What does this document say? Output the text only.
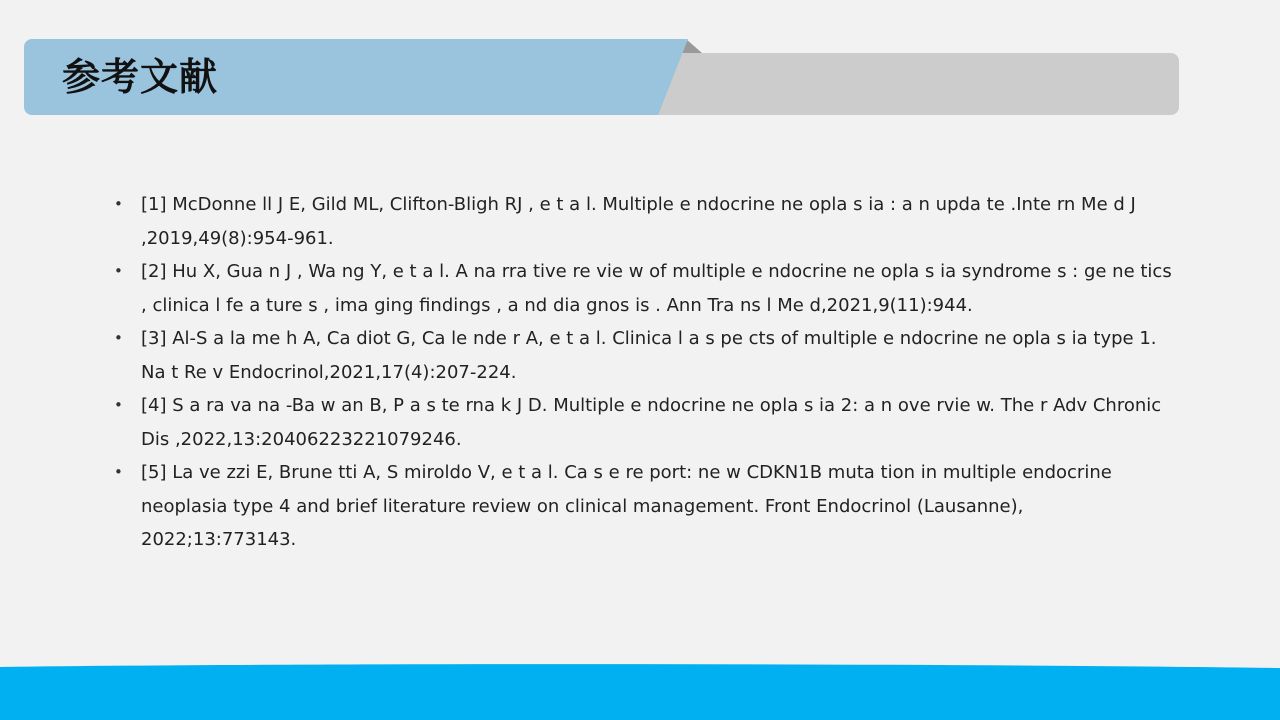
参考文献
• [1] McDonne ll J E, Gild ML, Clifton-Bligh RJ , e t a l. Multiple e ndocrine ne opla s ia : a n upda te .Inte rn Me d J ,2019,49(8):954-961.
• [2] Hu X, Gua n J , Wa ng Y, e t a l. A na rra tive re vie w of multiple e ndocrine ne opla s ia syndrome s : ge ne tics , clinica l fe a ture s , ima ging findings , a nd dia gnos is . Ann Tra ns l Me d,2021,9(11):944.
• [3] Al-S a la me h A, Ca diot G, Ca le nde r A, e t a l. Clinica l a s pe cts of multiple e ndocrine ne opla s ia type 1. Na t Re v Endocrinol,2021,17(4):207-224.
• [4] S a ra va na -Ba w an B, P a s te rna k J D. Multiple e ndocrine ne opla s ia 2: a n ove rvie w. The r Adv Chronic Dis ,2022,13:20406223221079246.
• [5] La ve zzi E, Brune tti A, S miroldo V, e t a l. Ca s e re port: ne w CDKN1B muta tion in multiple endocrine neoplasia type 4 and brief literature review on clinical management. Front Endocrinol (Lausanne), 2022;13:773143.
